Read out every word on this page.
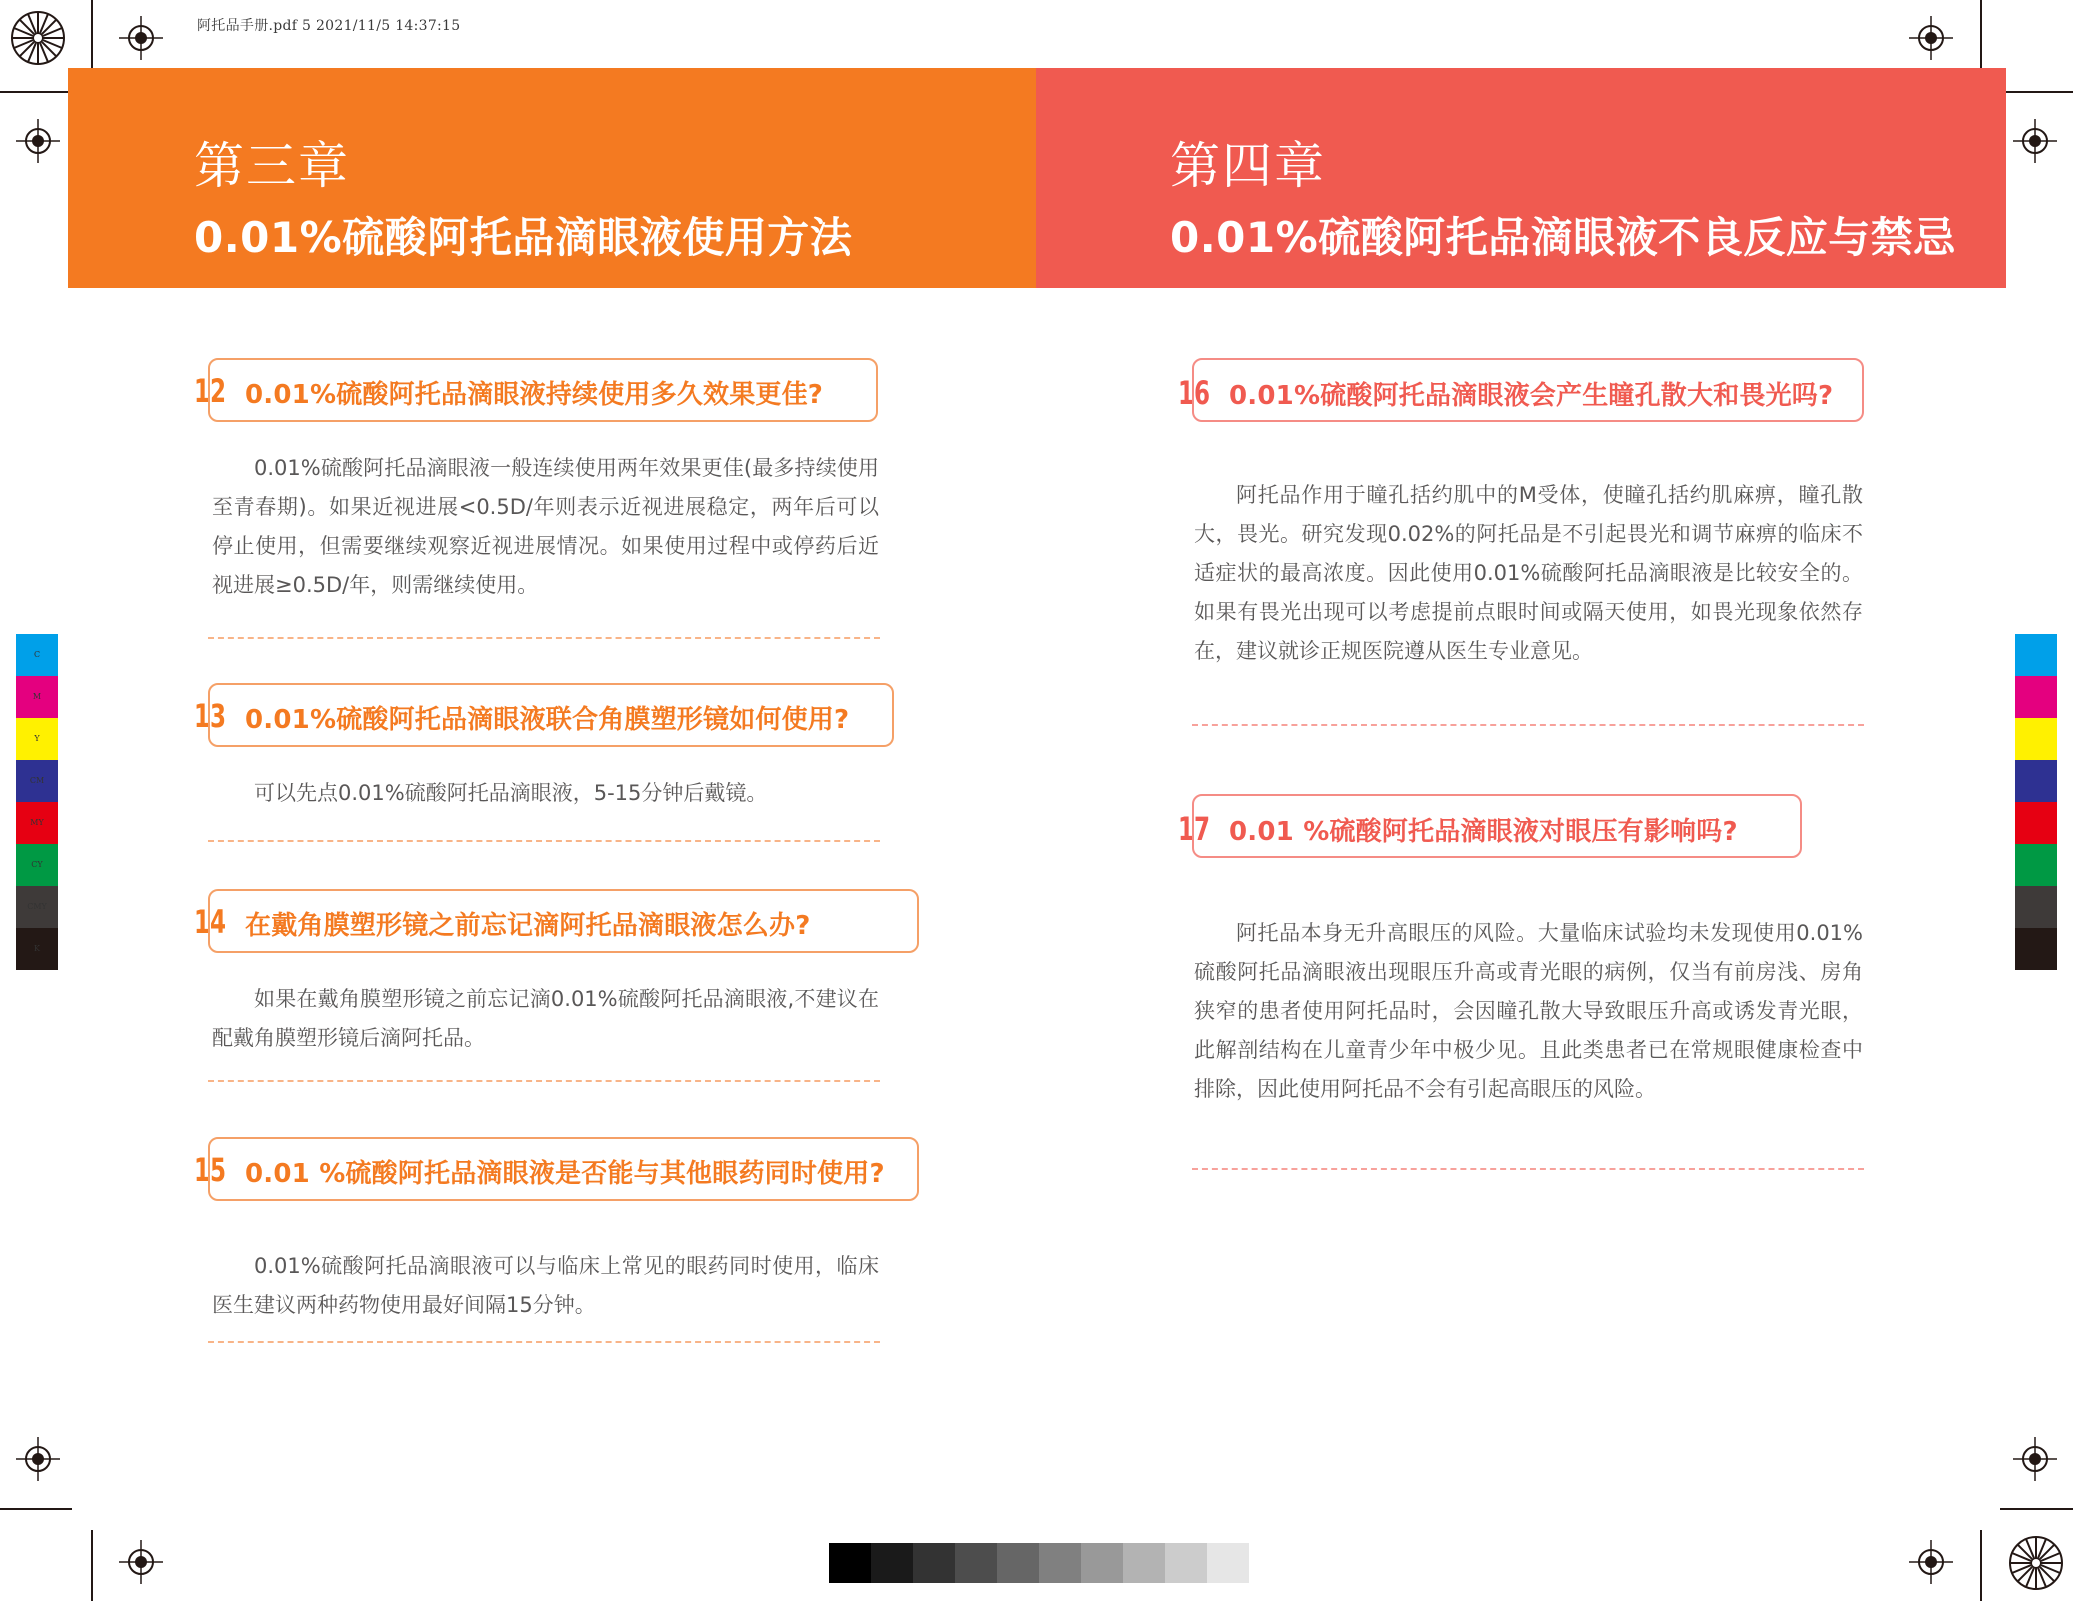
阿托品手册.pdf 5 2021/11/5 14:37:15
第三章
0.01%硫酸阿托品滴眼液使用方法
第四章
0.01%硫酸阿托品滴眼液不良反应与禁忌
12 0.01%硫酸阿托品滴眼液持续使用多久效果更佳?

0.01%硫酸阿托品滴眼液一般连续使用两年效果更佳(最多持续使用至青春期)。如果近视进展<0.5D/年则表示近视进展稳定，两年后可以停止使用，但需要继续观察近视进展情况。如果使用过程中或停药后近视进展≥0.5D/年，则需继续使用。

13 0.01%硫酸阿托品滴眼液联合角膜塑形镜如何使用?

可以先点0.01%硫酸阿托品滴眼液，5-15分钟后戴镜。

14 在戴角膜塑形镜之前忘记滴阿托品滴眼液怎么办?

如果在戴角膜塑形镜之前忘记滴0.01%硫酸阿托品滴眼液,不建议在配戴角膜塑形镜后滴阿托品。

15 0.01 %硫酸阿托品滴眼液是否能与其他眼药同时使用?

0.01%硫酸阿托品滴眼液可以与临床上常见的眼药同时使用，临床医生建议两种药物使用最好间隔15分钟。

16 0.01%硫酸阿托品滴眼液会产生瞳孔散大和畏光吗?

阿托品作用于瞳孔括约肌中的M受体，使瞳孔括约肌麻痹，瞳孔散大，畏光。研究发现0.02%的阿托品是不引起畏光和调节麻痹的临床不适症状的最高浓度。因此使用0.01%硫酸阿托品滴眼液是比较安全的。如果有畏光出现可以考虑提前点眼时间或隔天使用，如畏光现象依然存在，建议就诊正规医院遵从医生专业意见。

17 0.01 %硫酸阿托品滴眼液对眼压有影响吗?

阿托品本身无升高眼压的风险。大量临床试验均未发现使用0.01%硫酸阿托品滴眼液出现眼压升高或青光眼的病例，仅当有前房浅、房角狭窄的患者使用阿托品时，会因瞳孔散大导致眼压升高或诱发青光眼，此解剖结构在儿童青少年中极少见。且此类患者已在常规眼健康检查中排除，因此使用阿托品不会有引起高眼压的风险。

C
M
Y
CM
MY
CY
CMY
K
